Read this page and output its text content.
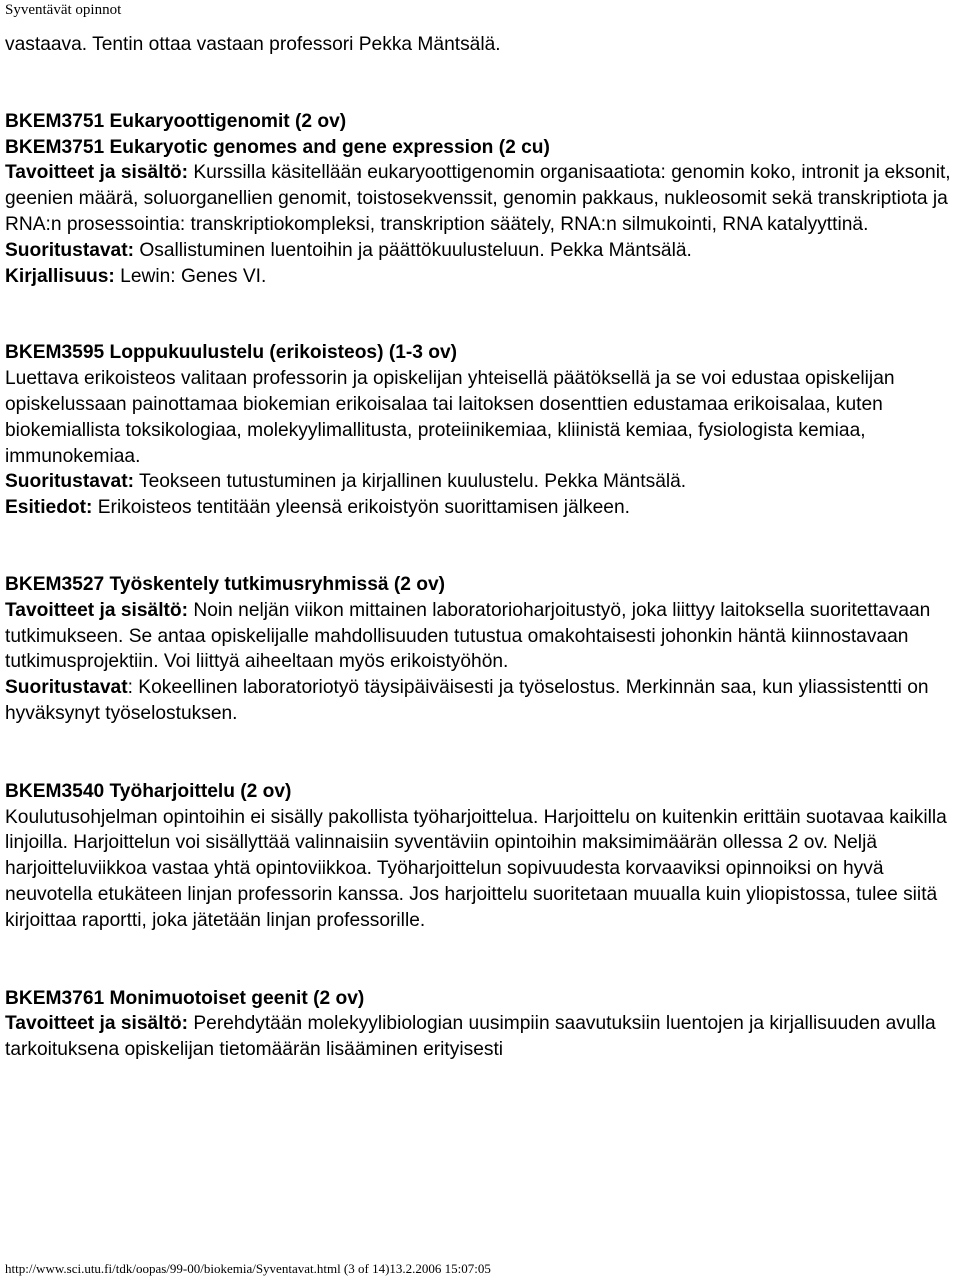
Syventävät opinnot

vastaava. Tentin ottaa vastaan professori Pekka Mäntsälä.

BKEM3751 Eukaryoottigenomit (2 ov)

BKEM3751 Eukaryotic genomes and gene expression (2 cu)

Tavoitteet ja sisältö: Kurssilla käsitellään eukaryoottigenomin organisaatiota: genomin koko, intronit ja eksonit, geenien määrä, soluorganellien genomit, toistosekvenssit, genomin pakkaus, nukleosomit sekä transkriptiota ja RNA:n prosessointia: transkriptiokompleksi, transkription säätely, RNA:n silmukointi, RNA katalyyttinä.

Suoritustavat: Osallistuminen luentoihin ja päättökuulusteluun. Pekka Mäntsälä.

Kirjallisuus: Lewin: Genes VI.

BKEM3595 Loppukuulustelu (erikoisteos) (1-3 ov)

Luettava erikoisteos valitaan professorin ja opiskelijan yhteisellä päätöksellä ja se voi edustaa opiskelijan opiskelussaan painottamaa biokemian erikoisalaa tai laitoksen dosenttien edustamaa erikoisalaa, kuten biokemiallista toksikologiaa, molekyylimallitusta, proteiinikemiaa, kliinistä kemiaa, fysiologista kemiaa, immunokemiaa.

Suoritustavat: Teokseen tutustuminen ja kirjallinen kuulustelu. Pekka Mäntsälä.

Esitiedot: Erikoisteos tentitään yleensä erikoistyön suorittamisen jälkeen.

BKEM3527 Työskentely tutkimusryhmissä (2 ov)

Tavoitteet ja sisältö: Noin neljän viikon mittainen laboratorioharjoitustyö, joka liittyy laitoksella suoritettavaan tutkimukseen. Se antaa opiskelijalle mahdollisuuden tutustua omakohtaisesti johonkin häntä kiinnostavaan tutkimusprojektiin. Voi liittyä aiheeltaan myös erikoistyöhön.

Suoritustavat: Kokeellinen laboratoriotyö täysipäiväisesti ja työselostus. Merkinnän saa, kun yliassistentti on hyväksynyt työselostuksen.

BKEM3540 Työharjoittelu (2 ov)

Koulutusohjelman opintoihin ei sisälly pakollista työharjoittelua. Harjoittelu on kuitenkin erittäin suotavaa kaikilla linjoilla. Harjoittelun voi sisällyttää valinnaisiin syventäviin opintoihin maksimimäärän ollessa 2 ov. Neljä harjoitteluviikkoa vastaa yhtä opintoviikkoa. Työharjoittelun sopivuudesta korvaaviksi opinnoiksi on hyvä neuvotella etukäteen linjan professorin kanssa. Jos harjoittelu suoritetaan muualla kuin yliopistossa, tulee siitä kirjoittaa raportti, joka jätetään linjan professorille.

BKEM3761 Monimuotoiset geenit (2 ov)

Tavoitteet ja sisältö: Perehdytään molekyylibiologian uusimpiin saavutuksiin luentojen ja kirjallisuuden avulla tarkoituksena opiskelijan tietomäärän lisääminen erityisesti

http://www.sci.utu.fi/tdk/oopas/99-00/biokemia/Syventavat.html (3 of 14)13.2.2006 15:07:05
